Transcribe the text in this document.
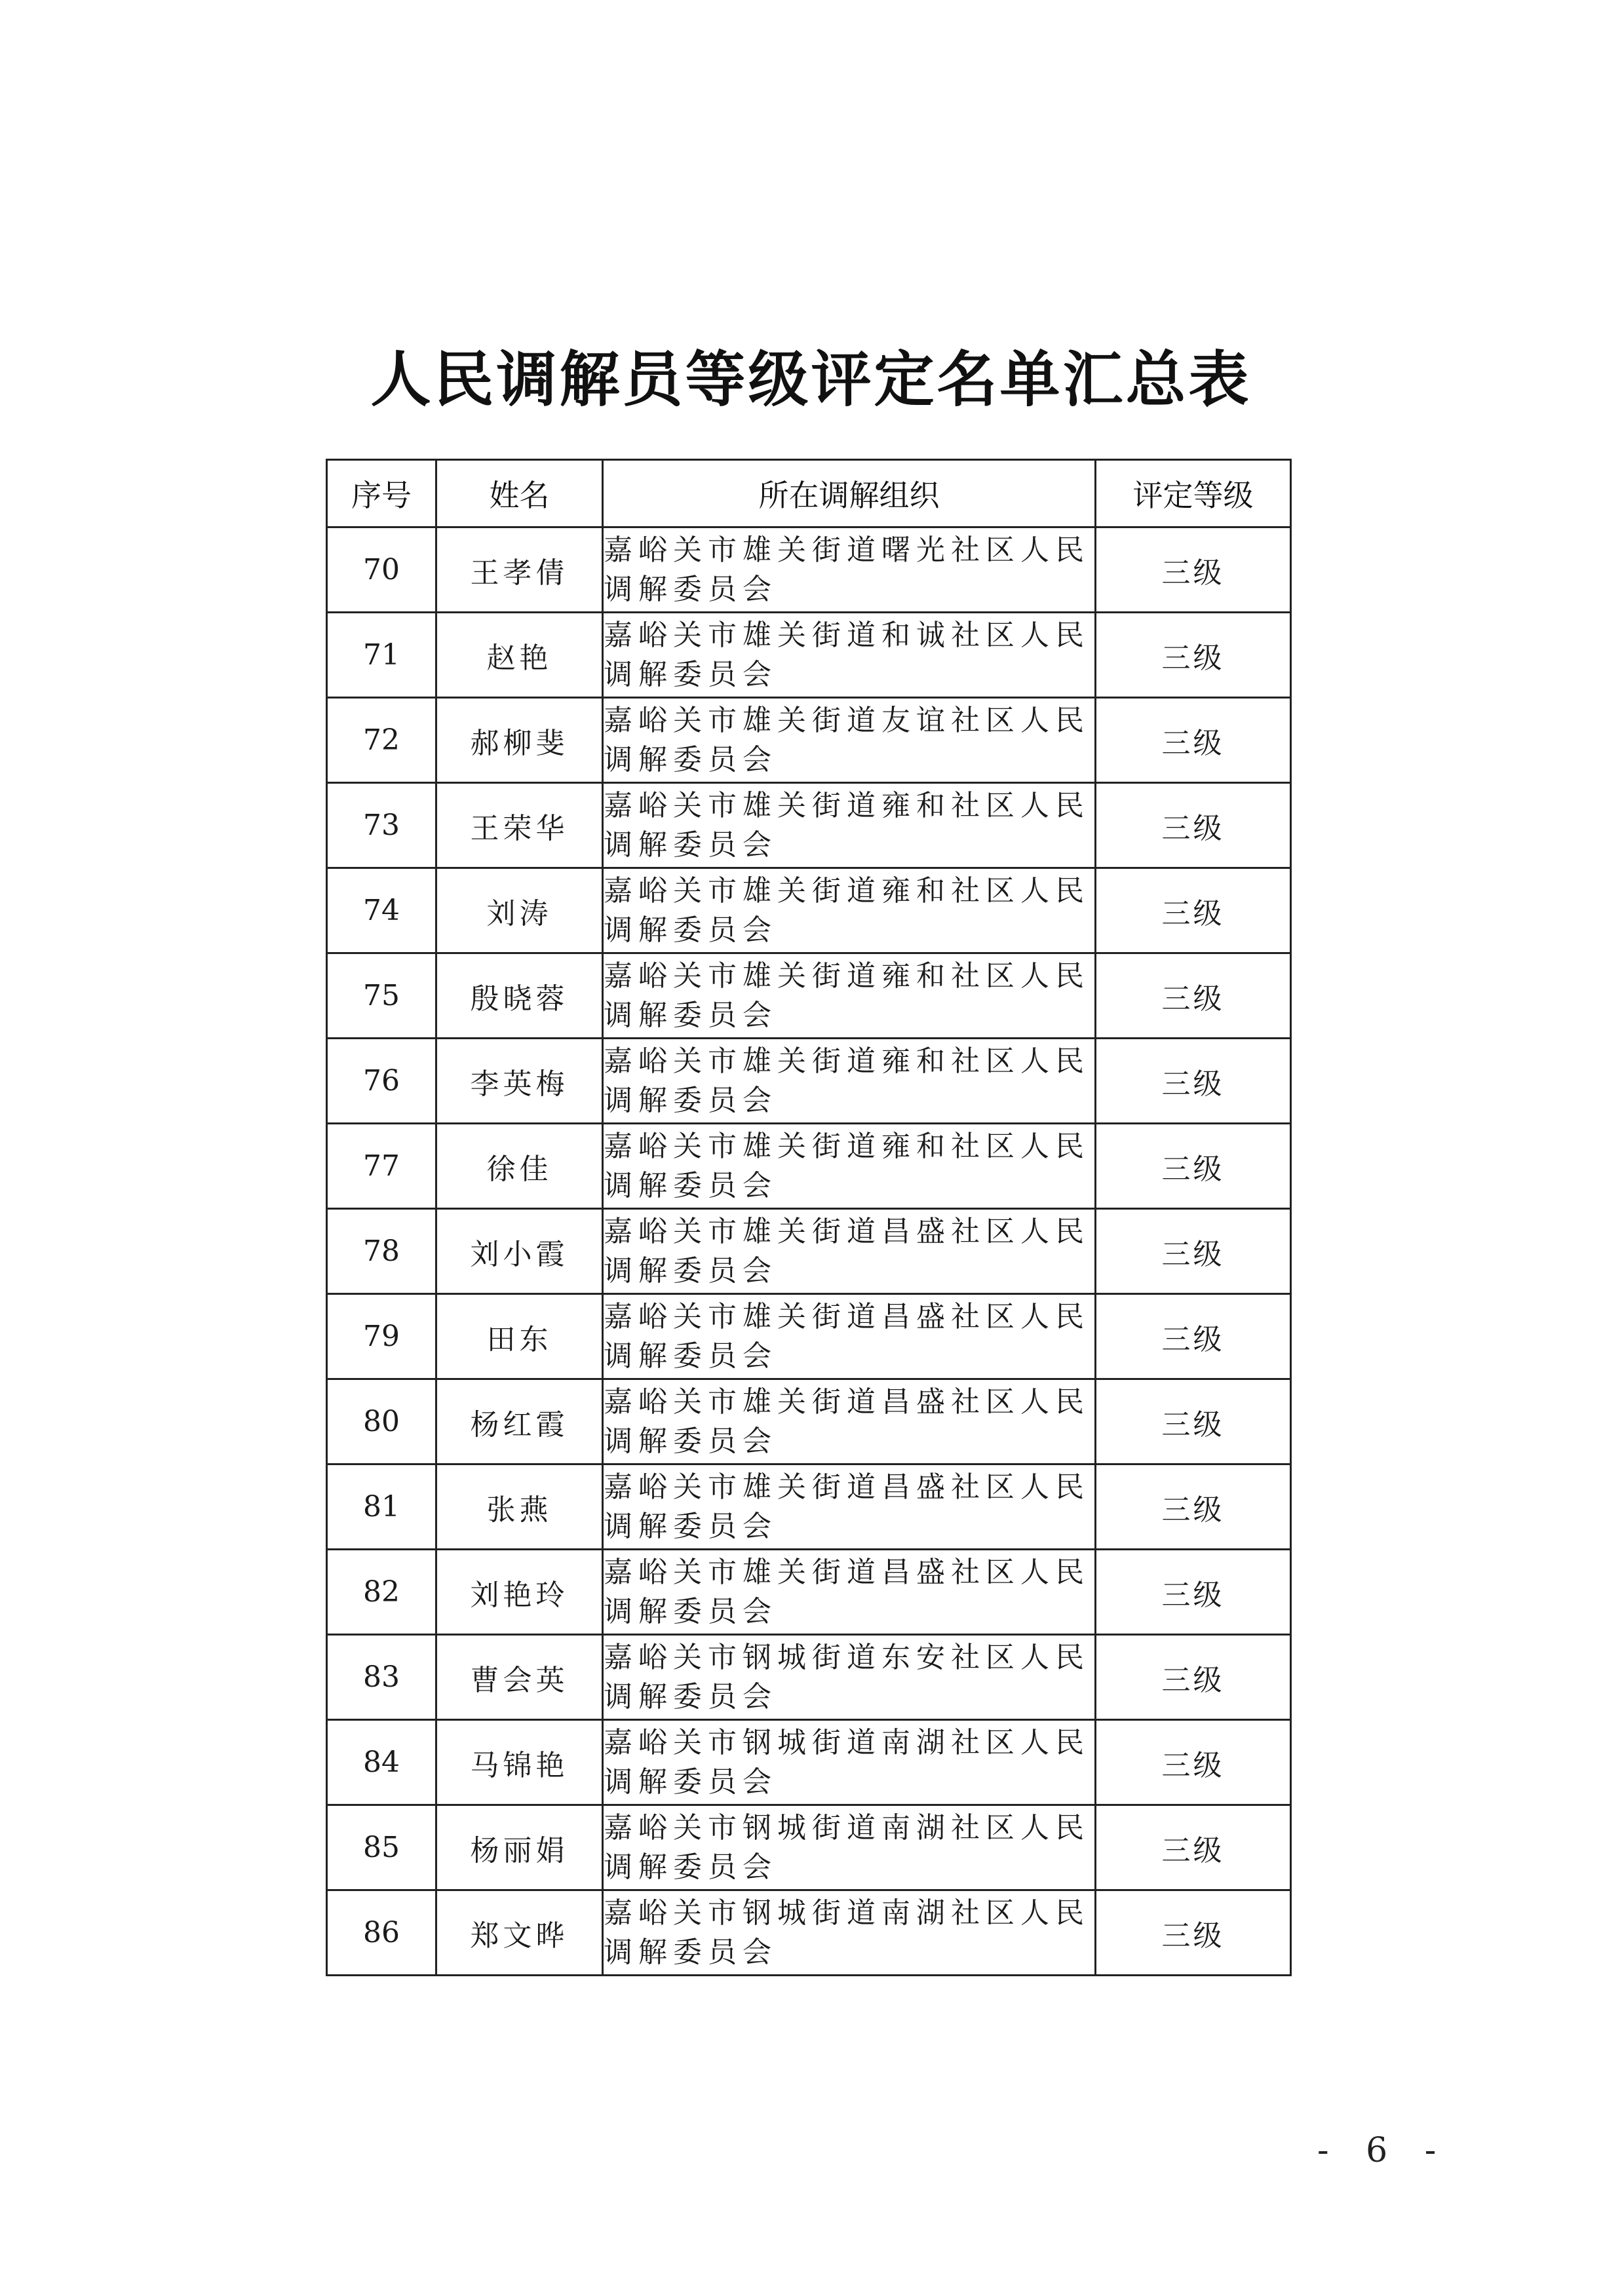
人民调解员等级评定名单汇总表
序号	姓名	所在调解组织	评定等级
70	王孝倩	嘉峪关市雄关街道曙光社区人民调解委员会	三级
71	赵艳	嘉峪关市雄关街道和诚社区人民调解委员会	三级
72	郝柳斐	嘉峪关市雄关街道友谊社区人民调解委员会	三级
73	王荣华	嘉峪关市雄关街道雍和社区人民调解委员会	三级
74	刘涛	嘉峪关市雄关街道雍和社区人民调解委员会	三级
75	殷晓蓉	嘉峪关市雄关街道雍和社区人民调解委员会	三级
76	李英梅	嘉峪关市雄关街道雍和社区人民调解委员会	三级
77	徐佳	嘉峪关市雄关街道雍和社区人民调解委员会	三级
78	刘小霞	嘉峪关市雄关街道昌盛社区人民调解委员会	三级
79	田东	嘉峪关市雄关街道昌盛社区人民调解委员会	三级
80	杨红霞	嘉峪关市雄关街道昌盛社区人民调解委员会	三级
81	张燕	嘉峪关市雄关街道昌盛社区人民调解委员会	三级
82	刘艳玲	嘉峪关市雄关街道昌盛社区人民调解委员会	三级
83	曹会英	嘉峪关市钢城街道东安社区人民调解委员会	三级
84	马锦艳	嘉峪关市钢城街道南湖社区人民调解委员会	三级
85	杨丽娟	嘉峪关市钢城街道南湖社区人民调解委员会	三级
86	郑文晔	嘉峪关市钢城街道南湖社区人民调解委员会	三级
- 6 -
